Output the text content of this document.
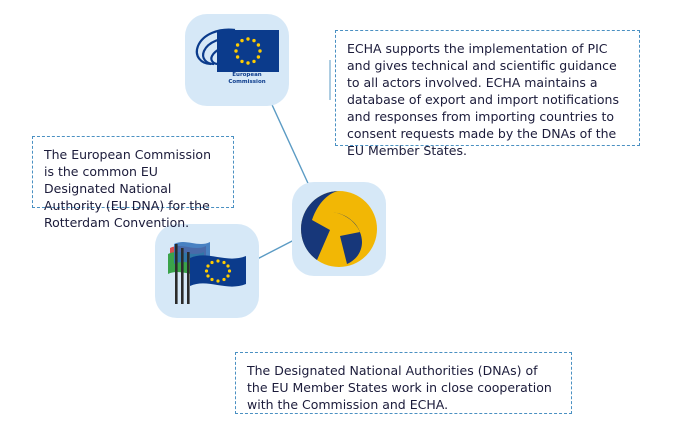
European
Commission
ECHA supports the implementation of PIC and gives technical and scientific guidance to all actors involved. ECHA maintains a database of export and import notifications and responses from importing countries to consent requests made by the DNAs of the EU Member States.
The European Commission is the common EU Designated National Authority (EU DNA) for the Rotterdam Convention.
The Designated National Authorities (DNAs) of the EU Member States work in close cooperation with the Commission and ECHA.
